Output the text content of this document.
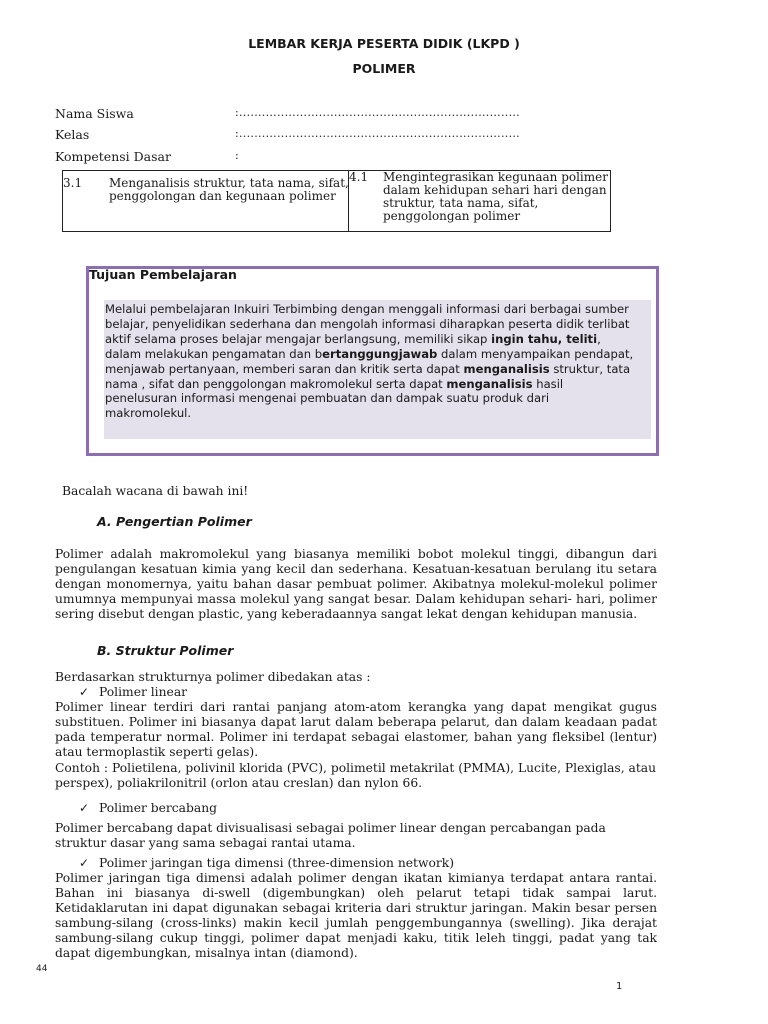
LEMBAR KERJA PESERTA DIDIK (LKPD )
POLIMER
Nama Siswa	:..........................................................................
Kelas	:..........................................................................
Kompetensi Dasar	:
3.1 Menganalisis struktur, tata nama, sifat, penggolongan dan kegunaan polimer

4.1 Mengintegrasikan kegunaan polimer dalam kehidupan sehari hari dengan struktur, tata nama, sifat, penggolongan polimer
Tujuan Pembelajaran
Melalui pembelajaran Inkuiri Terbimbing dengan menggali informasi dari berbagai sumber belajar, penyelidikan sederhana dan mengolah informasi diharapkan peserta didik terlibat aktif selama proses belajar mengajar berlangsung, memiliki sikap ingin tahu, teliti, dalam melakukan pengamatan dan bertanggungjawab dalam menyampaikan pendapat, menjawab pertanyaan, memberi saran dan kritik serta dapat menganalisis struktur, tata nama , sifat dan penggolongan makromolekul serta dapat menganalisis hasil penelusuran informasi mengenai pembuatan dan dampak suatu produk dari makromolekul.
Bacalah wacana di bawah ini!
A. Pengertian Polimer
Polimer adalah makromolekul yang biasanya memiliki bobot molekul tinggi, dibangun dari pengulangan kesatuan kimia yang kecil dan sederhana. Kesatuan-kesatuan berulang itu setara dengan monomernya, yaitu bahan dasar pembuat polimer. Akibatnya molekul-molekul polimer umumnya mempunyai massa molekul yang sangat besar. Dalam kehidupan sehari- hari, polimer sering disebut dengan plastic, yang keberadaannya sangat lekat dengan kehidupan manusia.
B. Struktur Polimer
Berdasarkan strukturnya polimer dibedakan atas :
✓ Polimer linear
Polimer linear terdiri dari rantai panjang atom-atom kerangka yang dapat mengikat gugus substituen. Polimer ini biasanya dapat larut dalam beberapa pelarut, dan dalam keadaan padat pada temperatur normal. Polimer ini terdapat sebagai elastomer, bahan yang fleksibel (lentur) atau termoplastik seperti gelas).
Contoh : Polietilena, polivinil klorida (PVC), polimetil metakrilat (PMMA), Lucite, Plexiglas, atau perspex), poliakrilonitril (orlon atau creslan) dan nylon 66.
✓ Polimer bercabang
Polimer bercabang dapat divisualisasi sebagai polimer linear dengan percabangan pada struktur dasar yang sama sebagai rantai utama.
✓ Polimer jaringan tiga dimensi (three-dimension network)
Polimer jaringan tiga dimensi adalah polimer dengan ikatan kimianya terdapat antara rantai. Bahan ini biasanya di-swell (digembungkan) oleh pelarut tetapi tidak sampai larut. Ketidaklarutan ini dapat digunakan sebagai kriteria dari struktur jaringan. Makin besar persen sambung-silang (cross-links) makin kecil jumlah penggembungannya (swelling). Jika derajat sambung-silang cukup tinggi, polimer dapat menjadi kaku, titik leleh tinggi, padat yang tak dapat digembungkan, misalnya intan (diamond).
44
1
